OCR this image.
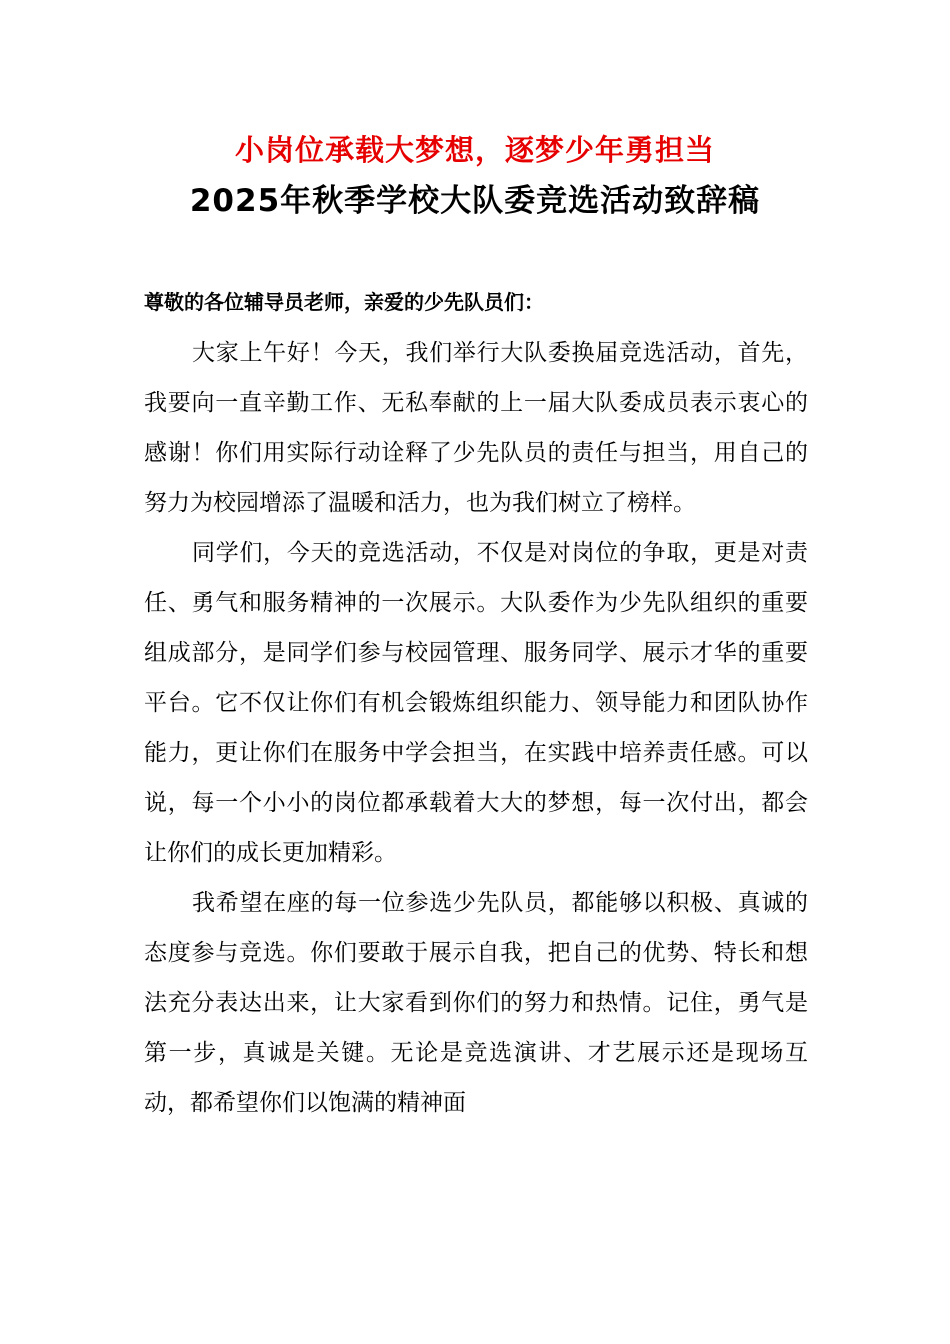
小岗位承载大梦想，逐梦少年勇担当
2025年秋季学校大队委竞选活动致辞稿
尊敬的各位辅导员老师，亲爱的少先队员们：

大家上午好！今天，我们举行大队委换届竞选活动，首先，我要向一直辛勤工作、无私奉献的上一届大队委成员表示衷心的感谢！你们用实际行动诠释了少先队员的责任与担当，用自己的努力为校园增添了温暖和活力，也为我们树立了榜样。

同学们，今天的竞选活动，不仅是对岗位的争取，更是对责任、勇气和服务精神的一次展示。大队委作为少先队组织的重要组成部分，是同学们参与校园管理、服务同学、展示才华的重要平台。它不仅让你们有机会锻炼组织能力、领导能力和团队协作能力，更让你们在服务中学会担当，在实践中培养责任感。可以说，每一个小小的岗位都承载着大大的梦想，每一次付出，都会让你们的成长更加精彩。

我希望在座的每一位参选少先队员，都能够以积极、真诚的态度参与竞选。你们要敢于展示自我，把自己的优势、特长和想法充分表达出来，让大家看到你们的努力和热情。记住，勇气是第一步，真诚是关键。无论是竞选演讲、才艺展示还是现场互动，都希望你们以饱满的精神面
